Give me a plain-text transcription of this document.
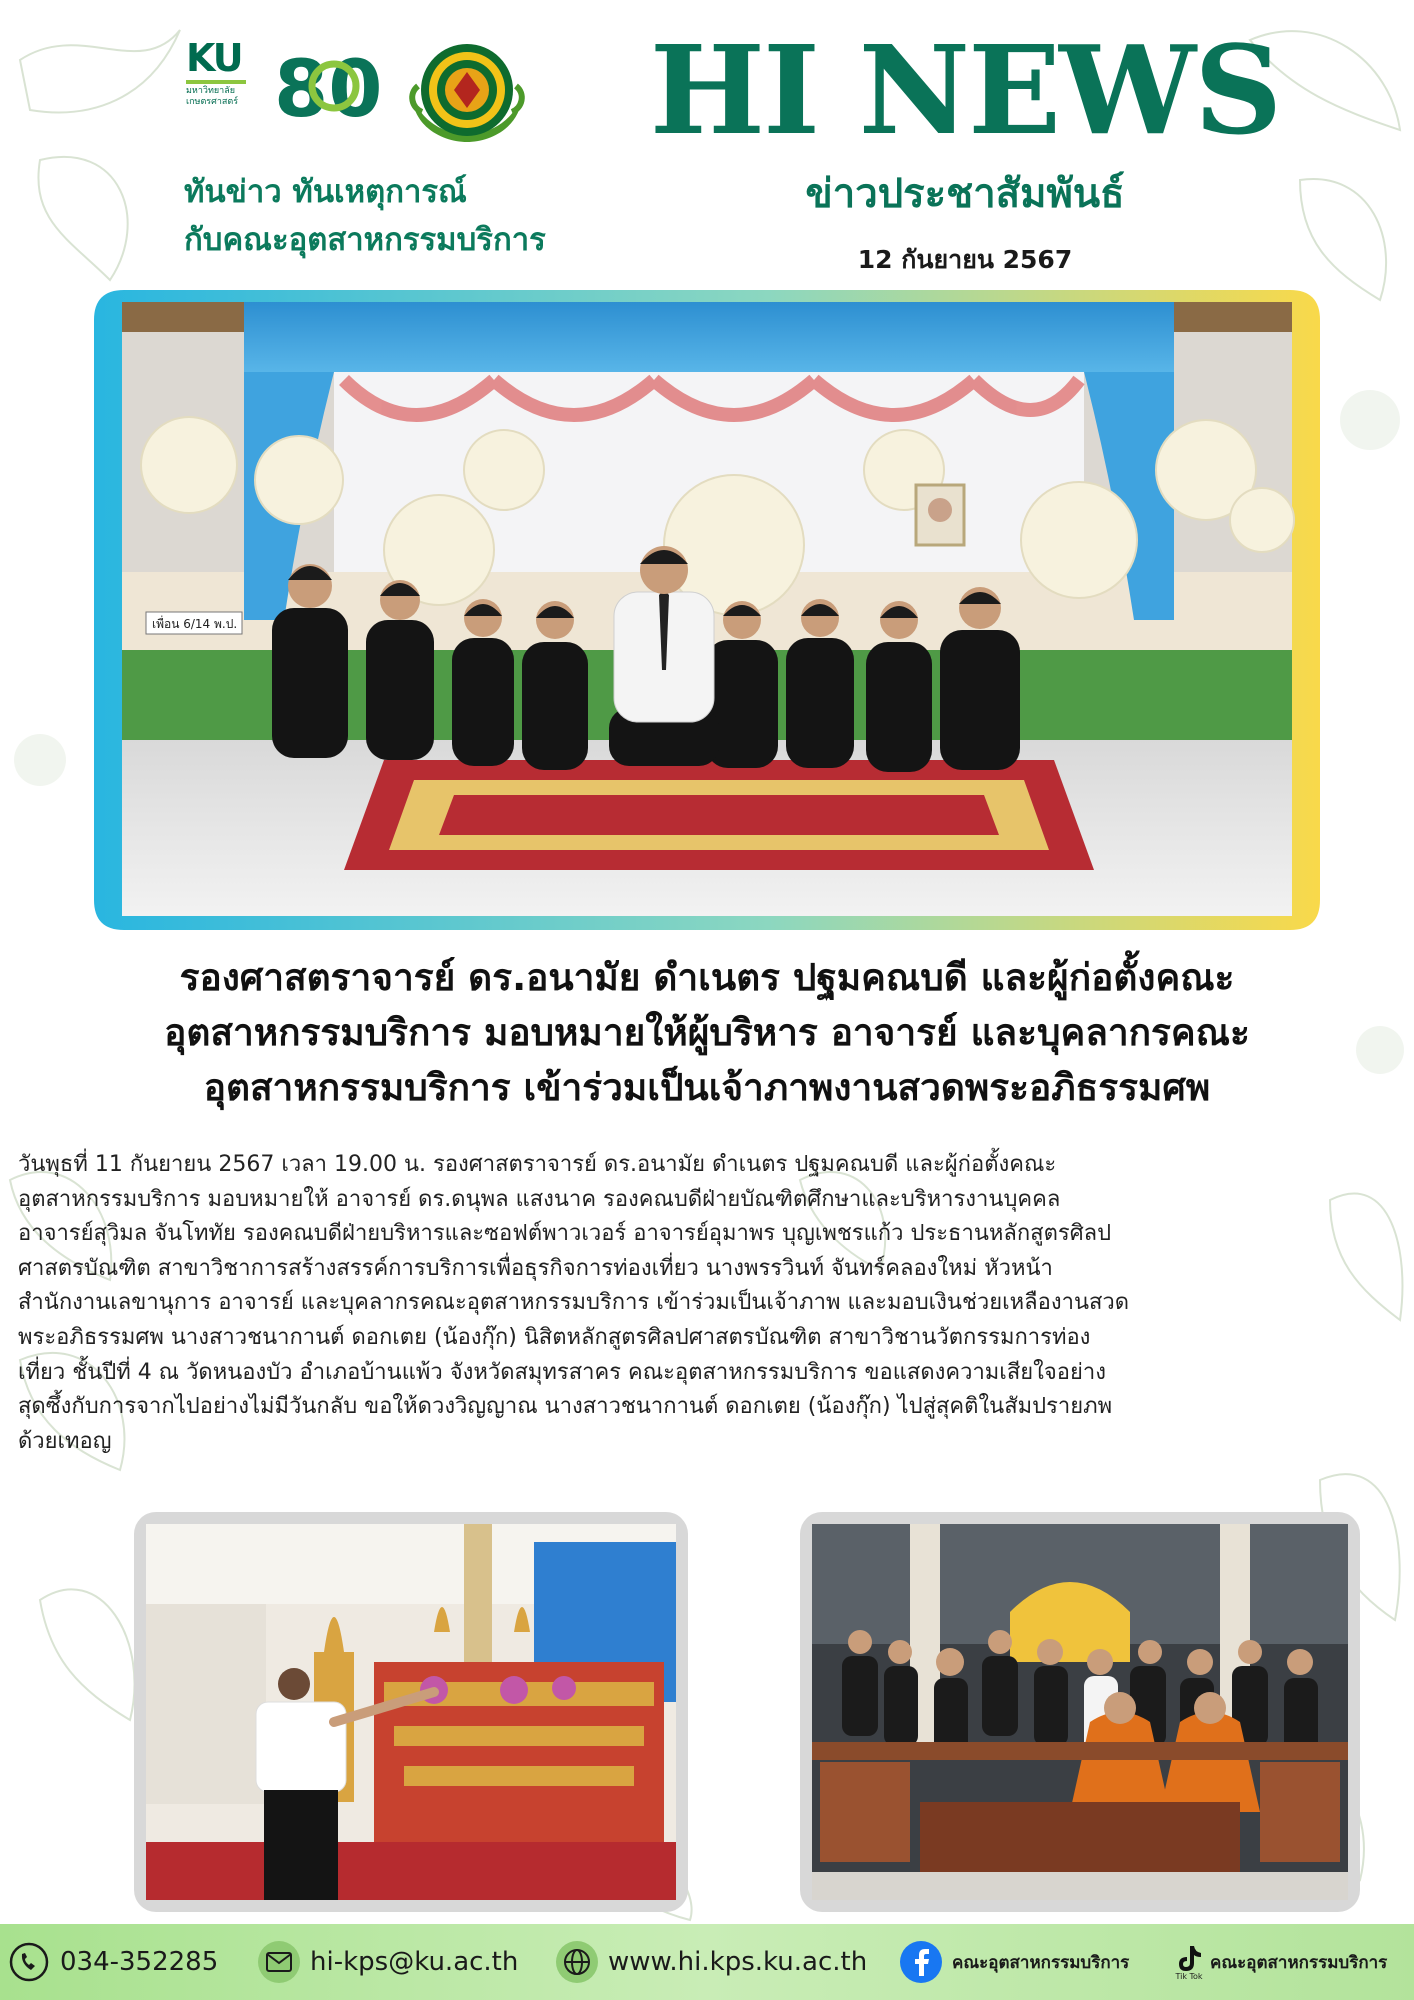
KU
มหาวิทยาลัย
เกษตรศาสตร์ 80
ทันข่าว ทันเหตุการณ์
กับคณะอุตสาหกรรมบริการ
HI NEWS
ข่าวประชาสัมพันธ์
12 กันยายน 2567
เพื่อน 6/14 พ.ป.
รองศาสตราจารย์ ดร.อนามัย ดำเนตร ปฐมคณบดี และผู้ก่อตั้งคณะ
อุตสาหกรรมบริการ มอบหมายให้ผู้บริหาร อาจารย์ และบุคลากรคณะ
อุตสาหกรรมบริการ เข้าร่วมเป็นเจ้าภาพงานสวดพระอภิธรรมศพ
วันพุธที่ 11 กันยายน 2567 เวลา 19.00 น. รองศาสตราจารย์ ดร.อนามัย ดำเนตร ปฐมคณบดี และผู้ก่อตั้งคณะ
อุตสาหกรรมบริการ มอบหมายให้ อาจารย์ ดร.ดนุพล แสงนาค รองคณบดีฝ่ายบัณฑิตศึกษาและบริหารงานบุคคล
อาจารย์สุวิมล จันโททัย รองคณบดีฝ่ายบริหารและซอฟต์พาวเวอร์ อาจารย์อุมาพร บุญเพชรแก้ว ประธานหลักสูตรศิลป
ศาสตรบัณฑิต สาขาวิชาการสร้างสรรค์การบริการเพื่อธุรกิจการท่องเที่ยว นางพรรวินท์ จันทร์คลองใหม่ หัวหน้า
สำนักงานเลขานุการ อาจารย์ และบุคลากรคณะอุตสาหกรรมบริการ เข้าร่วมเป็นเจ้าภาพ และมอบเงินช่วยเหลืองานสวด
พระอภิธรรมศพ นางสาวชนากานต์ ดอกเตย (น้องกุ๊ก) นิสิตหลักสูตรศิลปศาสตรบัณฑิต สาขาวิชานวัตกรรมการท่อง
เที่ยว ชั้นปีที่ 4 ณ วัดหนองบัว อำเภอบ้านแพ้ว จังหวัดสมุทรสาคร คณะอุตสาหกรรมบริการ ขอแสดงความเสียใจอย่าง
สุดซึ้งกับการจากไปอย่างไม่มีวันกลับ ขอให้ดวงวิญญาณ นางสาวชนากานต์ ดอกเตย (น้องกุ๊ก) ไปสู่สุคติในสัมปรายภพ
ด้วยเทอญ
034-352285	hi-kps@ku.ac.th	www.hi.kps.ku.ac.th	คณะอุตสาหกรรมบริการ
Tik Tok
คณะอุตสาหกรรมบริการ
